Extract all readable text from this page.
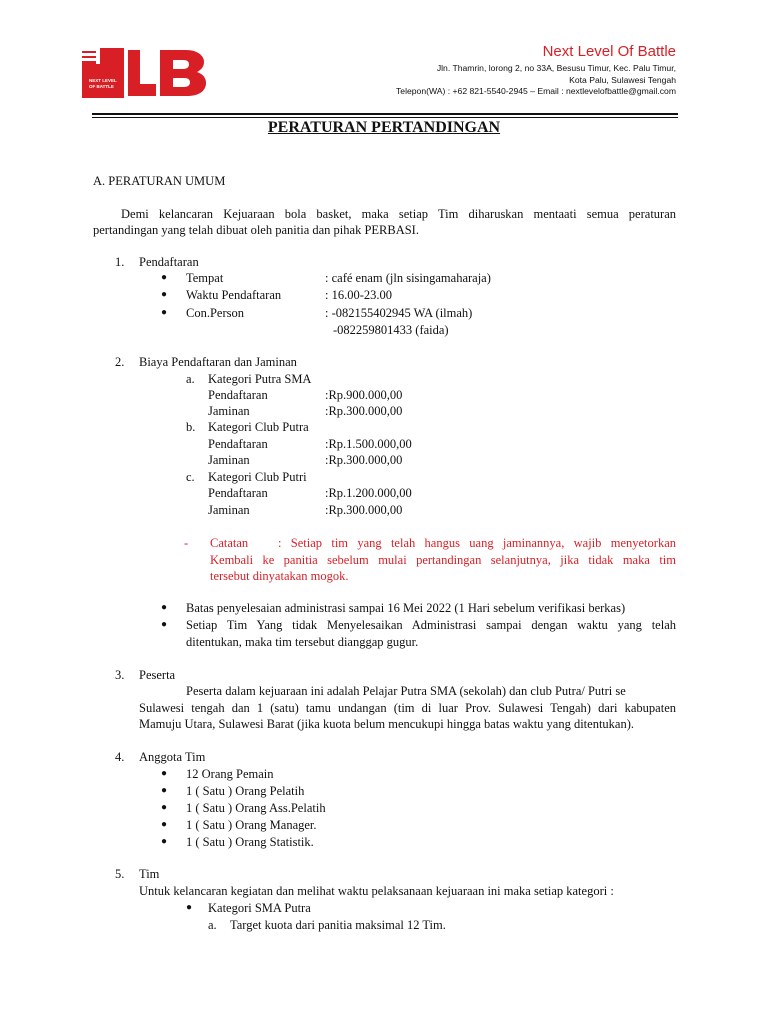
NEXT LEVEL
OF BATTLE
Next Level Of Battle
Jln. Thamrin, lorong 2, no 33A, Besusu Timur, Kec. Palu Timur,
Kota Palu, Sulawesi Tengah
Telepon(WA) : +62 821-5540-2945 – Email : nextlevelofbattle@gmail.com
PERATURAN PERTANDINGAN
A. PERATURAN UMUM
Demi kelancaran Kejuaraan bola basket, maka setiap Tim diharuskan mentaati semua peraturan
pertandingan yang telah dibuat oleh panitia dan pihak PERBASI.
1. Pendaftaran
● Tempat	: café enam (jln sisingamaharaja)
● Waktu Pendaftaran	: 16.00-23.00
● Con.Person	: -082155402945 WA (ilmah)
-082259801433 (faida)
2. Biaya Pendaftaran dan Jaminan
a. Kategori Putra SMA
Pendaftaran	:Rp.900.000,00
Jaminan	:Rp.300.000,00
b. Kategori Club Putra
Pendaftaran	:Rp.1.500.000,00
Jaminan	:Rp.300.000,00
c. Kategori Club Putri
Pendaftaran	:Rp.1.200.000,00
Jaminan	:Rp.300.000,00
- Catatan : Setiap tim yang telah hangus uang jaminannya, wajib menyetorkan
Kembali ke panitia sebelum mulai pertandingan selanjutnya, jika tidak maka tim
tersebut dinyatakan mogok.
● Batas penyelesaian administrasi sampai 16 Mei 2022 (1 Hari sebelum verifikasi berkas)
● Setiap Tim Yang tidak Menyelesaikan Administrasi sampai dengan waktu yang telah
ditentukan, maka tim tersebut dianggap gugur.
3. Peserta
Peserta dalam kejuaraan ini adalah Pelajar Putra SMA (sekolah) dan club Putra/ Putri se
Sulawesi tengah dan 1 (satu) tamu undangan (tim di luar Prov. Sulawesi Tengah) dari kabupaten
Mamuju Utara, Sulawesi Barat (jika kuota belum mencukupi hingga batas waktu yang ditentukan).
4. Anggota Tim
● 12 Orang Pemain
● 1 ( Satu ) Orang Pelatih
● 1 ( Satu ) Orang Ass.Pelatih
● 1 ( Satu ) Orang Manager.
● 1 ( Satu ) Orang Statistik.
5. Tim
Untuk kelancaran kegiatan dan melihat waktu pelaksanaan kejuaraan ini maka setiap kategori :
● Kategori SMA Putra
a. Target kuota dari panitia maksimal 12 Tim.
